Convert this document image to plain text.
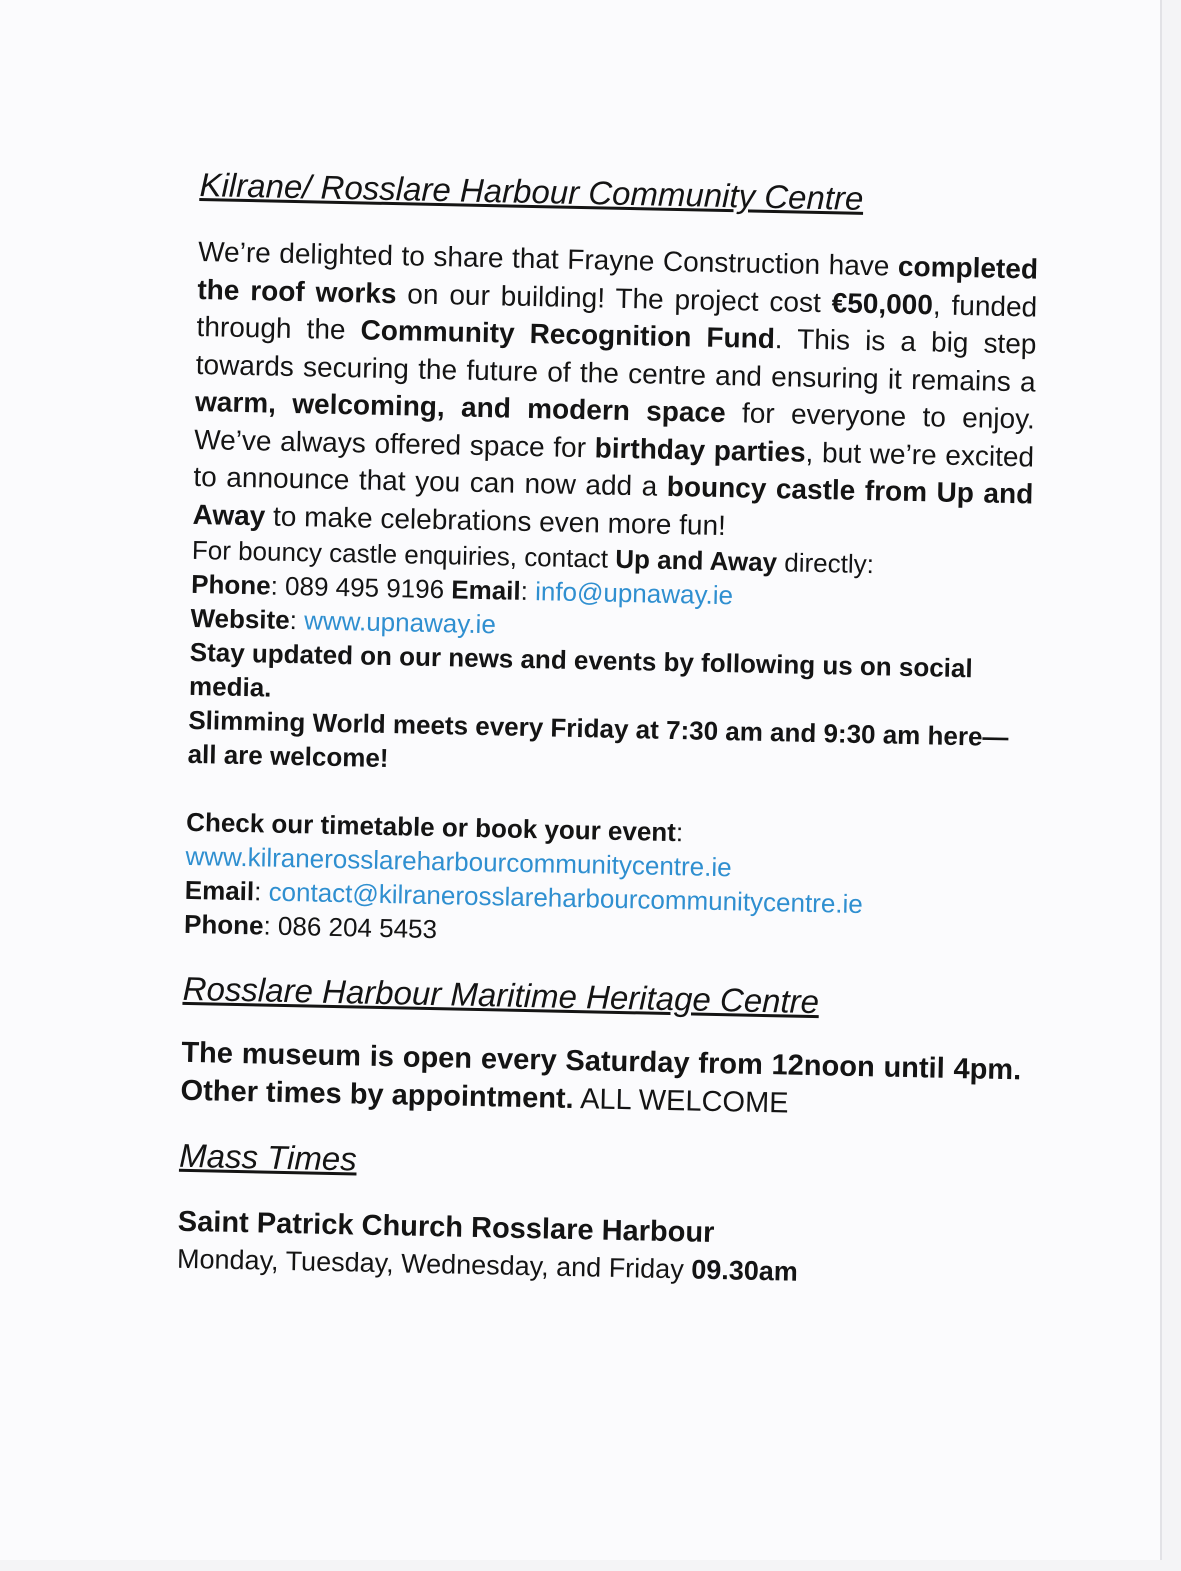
Kilrane/ Rosslare Harbour Community Centre

We’re delighted to share that Frayne Construction have completed the roof works on our building! The project cost €50,000, funded through the Community Recognition Fund. This is a big step towards securing the future of the centre and ensuring it remains a warm, welcoming, and modern space for everyone to enjoy. We’ve always offered space for birthday parties, but we’re excited to announce that you can now add a bouncy castle from Up and Away to make celebrations even more fun!

For bouncy castle enquiries, contact Up and Away directly:
Phone: 089 495 9196 Email: info@upnaway.ie
Website: www.upnaway.ie

Stay updated on our news and events by following us on social media.

Slimming World meets every Friday at 7:30 am and 9:30 am here—all are welcome!

Check our timetable or book your event: www.kilranerosslareharbourcommunitycentre.ie
Email: contact@kilranerosslareharbourcommunitycentre.ie
Phone: 086 204 5453

Rosslare Harbour Maritime Heritage Centre

The museum is open every Saturday from 12noon until 4pm. Other times by appointment. ALL WELCOME

Mass Times

Saint Patrick Church Rosslare Harbour

Monday, Tuesday, Wednesday, and Friday 09.30am
